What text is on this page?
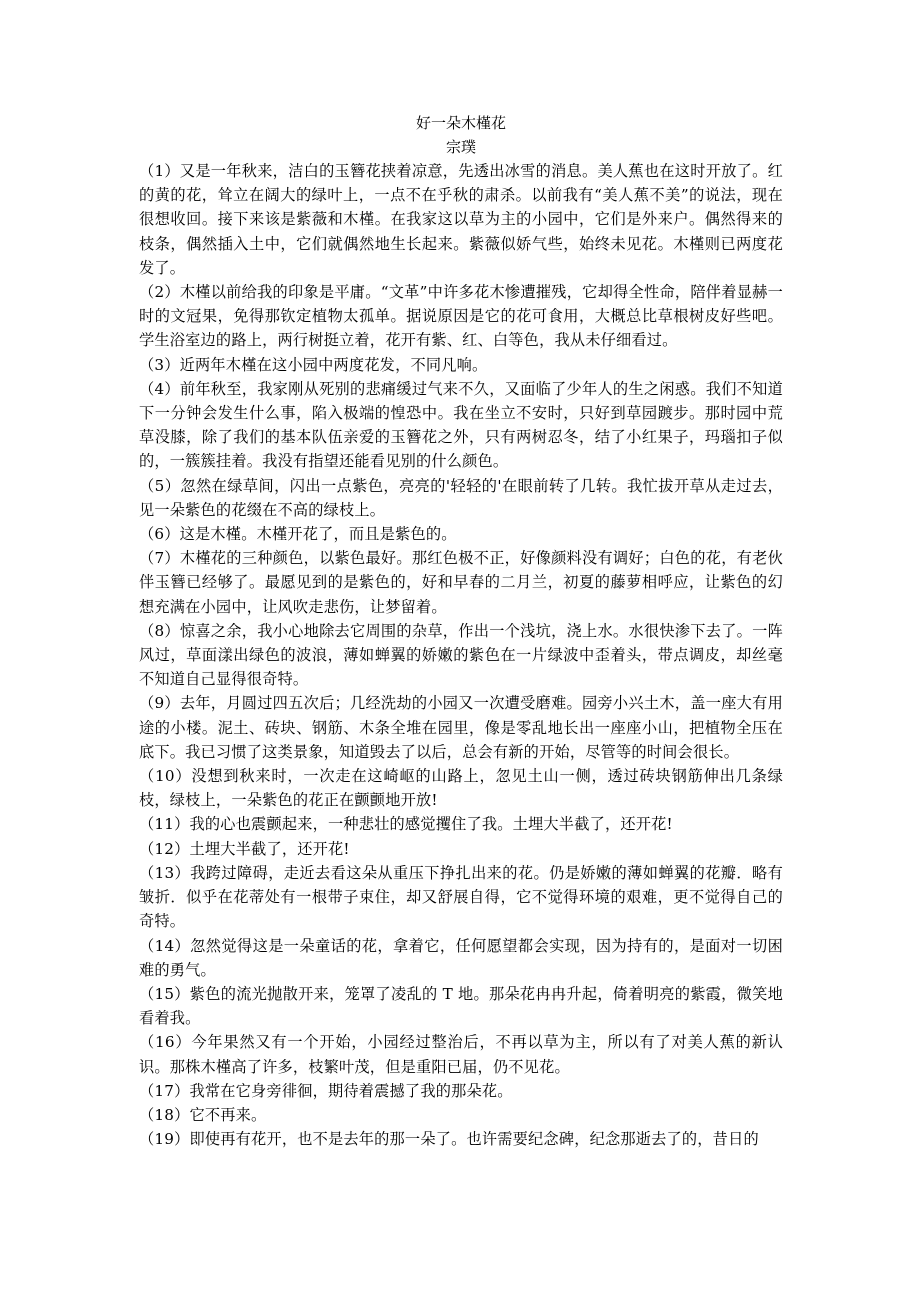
好一朵木槿花

宗璞

（1）又是一年秋来，洁白的玉簪花挟着凉意，先透出冰雪的消息。美人蕉也在这时开放了。红的黄的花，耸立在阔大的绿叶上，一点不在乎秋的肃杀。以前我有“美人蕉不美”的说法，现在很想收回。接下来该是紫薇和木槿。在我家这以草为主的小园中，它们是外来户。偶然得来的枝条，偶然插入土中，它们就偶然地生长起来。紫薇似娇气些，始终未见花。木槿则已两度花发了。

（2）木槿以前给我的印象是平庸。“文革”中许多花木惨遭摧残，它却得全性命，陪伴着显赫一时的文冠果，免得那钦定植物太孤单。据说原因是它的花可食用，大概总比草根树皮好些吧。学生浴室边的路上，两行树挺立着，花开有紫、红、白等色，我从未仔细看过。

（3）近两年木槿在这小园中两度花发，不同凡响。

（4）前年秋至，我家刚从死别的悲痛缓过气来不久，又面临了少年人的生之闲惑。我们不知道下一分钟会发生什么事，陷入极端的惶恐中。我在坐立不安时，只好到草园踱步。那时园中荒草没膝，除了我们的基本队伍亲爱的玉簪花之外，只有两树忍冬，结了小红果子，玛瑙扣子似的，一簇簇挂着。我没有指望还能看见别的什么颜色。

（5）忽然在绿草间，闪出一点紫色，亮亮的'轻轻的'在眼前转了几转。我忙拔开草从走过去，见一朵紫色的花缀在不高的绿枝上。

（6）这是木槿。木槿开花了，而且是紫色的。

（7）木槿花的三种颜色，以紫色最好。那红色极不正，好像颜料没有调好；白色的花，有老伙伴玉簪已经够了。最愿见到的是紫色的，好和早春的二月兰，初夏的藤萝相呼应，让紫色的幻想充满在小园中，让风吹走悲伤，让梦留着。

（8）惊喜之余，我小心地除去它周围的杂草，作出一个浅坑，浇上水。水很快渗下去了。一阵风过，草面漾出绿色的波浪，薄如蝉翼的娇嫩的紫色在一片绿波中歪着头，带点调皮，却丝毫不知道自己显得很奇特。

（9）去年，月圆过四五次后；几经洗劫的小园又一次遭受磨难。园旁小兴土木，盖一座大有用途的小楼。泥土、砖块、钢筋、木条全堆在园里，像是零乱地长出一座座小山，把植物全压在底下。我已习惯了这类景象，知道毁去了以后，总会有新的开始，尽管等的时间会很长。

（10）没想到秋来时，一次走在这崎岖的山路上，忽见土山一侧，透过砖块钢筋伸出几条绿枝，绿枝上，一朵紫色的花正在颤颤地开放!

（11）我的心也震颤起来，一种悲壮的感觉攫住了我。土埋大半截了，还开花!

（12）土埋大半截了，还开花!

（13）我跨过障碍，走近去看这朵从重压下挣扎出来的花。仍是娇嫩的薄如蝉翼的花瓣．略有皱折．似乎在花蒂处有一根带子束住，却又舒展自得，它不觉得环境的艰难，更不觉得自己的奇特。

（14）忽然觉得这是一朵童话的花，拿着它，任何愿望都会实现，因为持有的，是面对一切困难的勇气。

（15）紫色的流光抛散开来，笼罩了凌乱的 T 地。那朵花冉冉升起，倚着明亮的紫霞，微笑地看着我。

（16）今年果然又有一个开始，小园经过整治后，不再以草为主，所以有了对美人蕉的新认识。那株木槿高了许多，枝繁叶茂，但是重阳已届，仍不见花。

（17）我常在它身旁徘徊，期待着震撼了我的那朵花。

（18）它不再来。

（19）即使再有花开，也不是去年的那一朵了。也许需要纪念碑，纪念那逝去了的，昔日的
